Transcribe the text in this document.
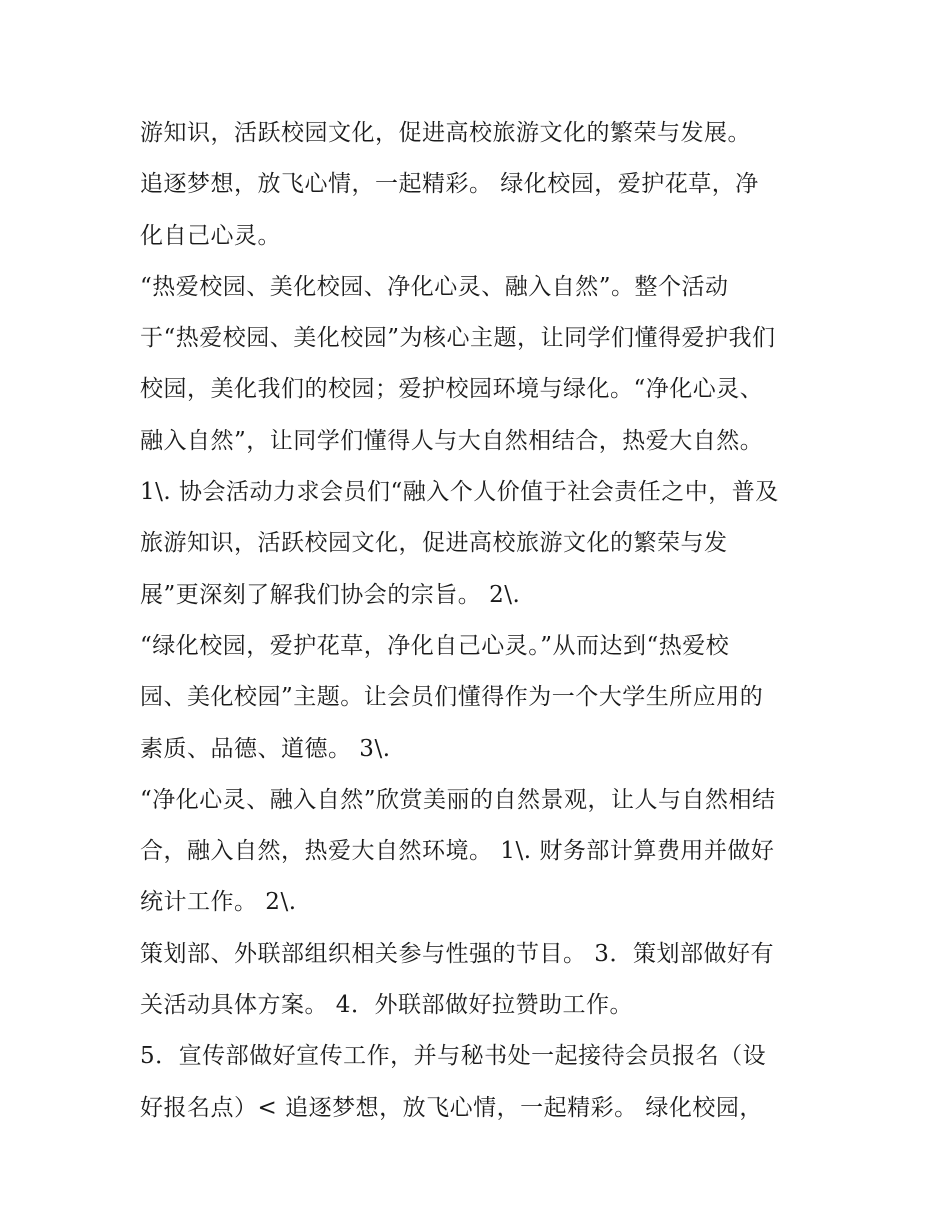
游知识，活跃校园文化，促进高校旅游文化的繁荣与发展。
追逐梦想，放飞心情，一起精彩。 绿化校园，爱护花草，净
化自己心灵。
“热爱校园、美化校园、净化心灵、融入自然”。整个活动
于“热爱校园、美化校园”为核心主题，让同学们懂得爱护我们
校园，美化我们的校园；爱护校园环境与绿化。“净化心灵、
融入自然”，让同学们懂得人与大自然相结合，热爱大自然。
1\. 协会活动力求会员们“融入个人价值于社会责任之中，普及
旅游知识，活跃校园文化，促进高校旅游文化的繁荣与发
展”更深刻了解我们协会的宗旨。 2\.
“绿化校园，爱护花草，净化自己心灵。”从而达到“热爱校
园、美化校园”主题。让会员们懂得作为一个大学生所应用的
素质、品德、道德。 3\.
“净化心灵、融入自然”欣赏美丽的自然景观，让人与自然相结
合，融入自然，热爱大自然环境。 1\. 财务部计算费用并做好
统计工作。 2\.
策划部、外联部组织相关参与性强的节目。 3．策划部做好有
关活动具体方案。 4．外联部做好拉赞助工作。
5．宣传部做好宣传工作，并与秘书处一起接待会员报名（设
好报名点）< 追逐梦想，放飞心情，一起精彩。 绿化校园，
